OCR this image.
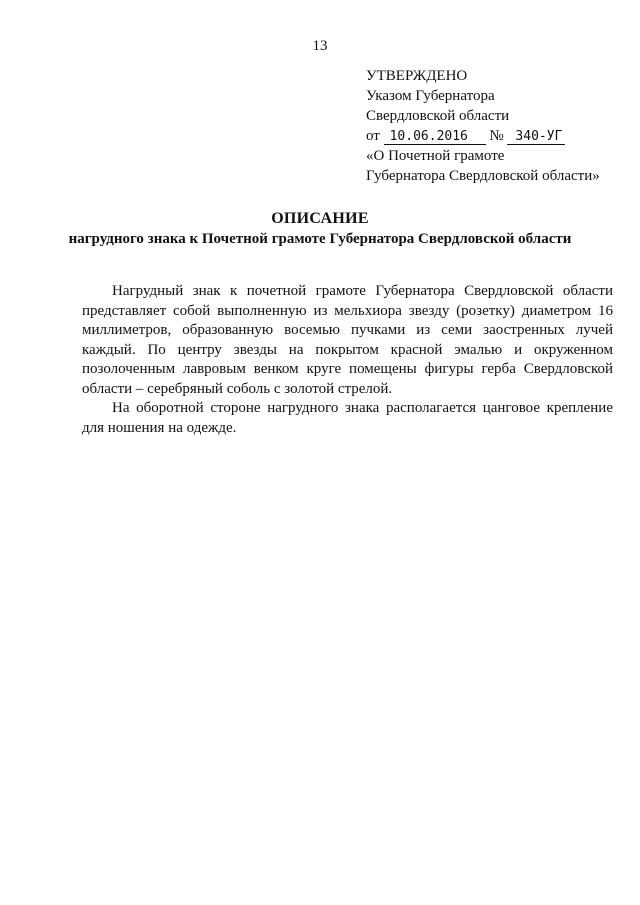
13
УТВЕРЖДЕНО
Указом Губернатора
Свердловской области
от 10.06.2016 № 340-УГ
«О Почетной грамоте
Губернатора Свердловской области»
ОПИСАНИЕ
нагрудного знака к Почетной грамоте Губернатора Свердловской области

Нагрудный знак к почетной грамоте Губернатора Свердловской области представляет собой выполненную из мельхиора звезду (розетку) диаметром 16 миллиметров, образованную восемью пучками из семи заостренных лучей каждый. По центру звезды на покрытом красной эмалью и окруженном позолоченным лавровым венком круге помещены фигуры герба Свердловской области – серебряный соболь с золотой стрелой.

На оборотной стороне нагрудного знака располагается цанговое крепление для ношения на одежде.
